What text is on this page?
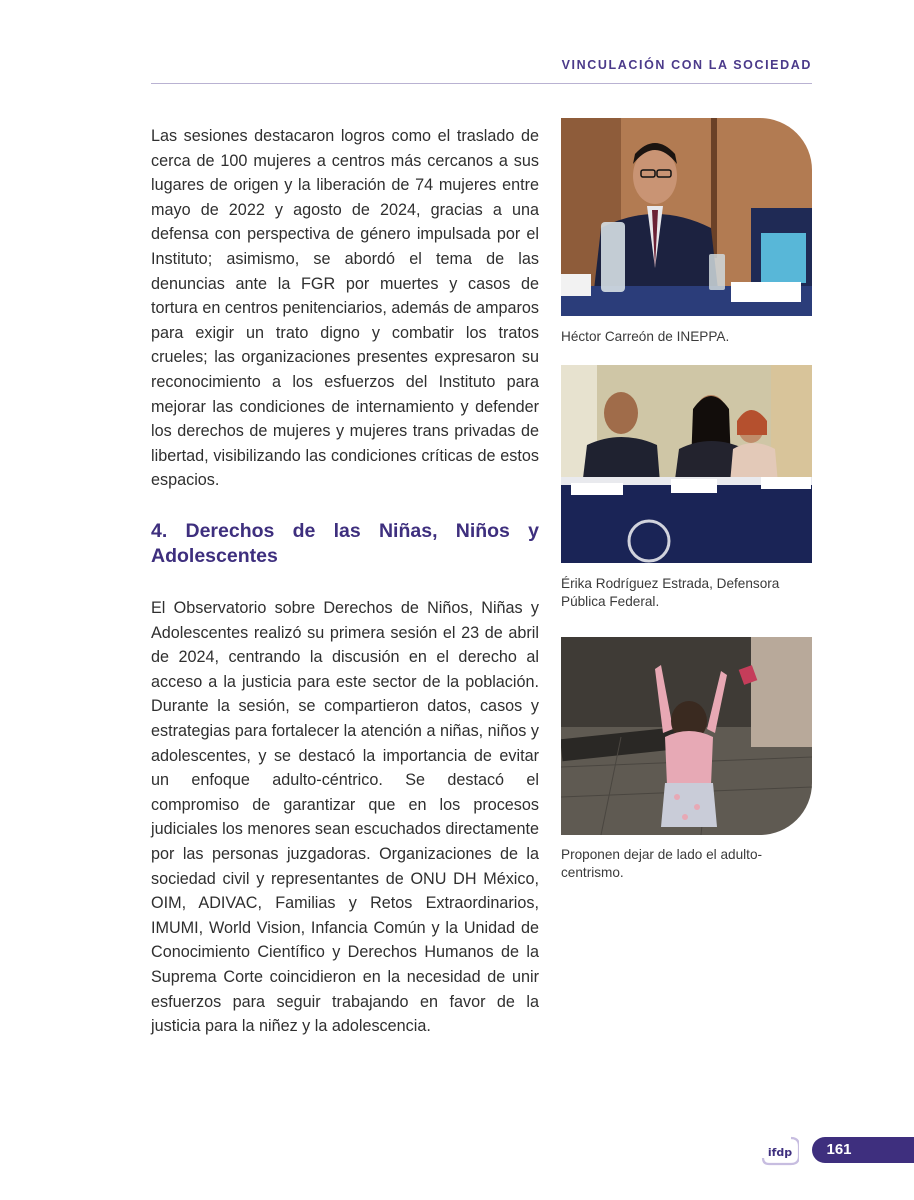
VINCULACIÓN CON LA SOCIEDAD

Las sesiones destacaron logros como el traslado de cerca de 100 mujeres a centros más cercanos a sus lugares de origen y la liberación de 74 mujeres entre mayo de 2022 y agosto de 2024, gracias a una defensa con perspectiva de género impulsada por el Instituto; asimismo, se abordó el tema de las denuncias ante la FGR por muertes y casos de tortura en centros penitenciarios, además de amparos para exigir un trato digno y combatir los tratos crueles; las organizaciones presentes expresaron su reconocimiento a los esfuerzos del Instituto para mejorar las condiciones de internamiento y defender los derechos de mujeres y mujeres trans privadas de libertad, visibilizando las condiciones críticas de estos espacios.

4. Derechos de las Niñas, Niños y Adolescentes

El Observatorio sobre Derechos de Niños, Niñas y Adolescentes realizó su primera sesión el 23 de abril de 2024, centrando la discusión en el derecho al acceso a la justicia para este sector de la población. Durante la sesión, se compartieron datos, casos y estrategias para fortalecer la atención a niñas, niños y adolescentes, y se destacó la importancia de evitar un enfoque adulto-céntrico. Se destacó el compromiso de garantizar que en los procesos judiciales los menores sean escuchados directamente por las personas juzgadoras. Organizaciones de la sociedad civil y representantes de ONU DH México, OIM, ADIVAC, Familias y Retos Extraordinarios, IMUMI, World Vision, Infancia Común y la Unidad de Conocimiento Científico y Derechos Humanos de la Suprema Corte coincidieron en la necesidad de unir esfuerzos para seguir trabajando en favor de la justicia para la niñez y la adolescencia.

Héctor Carreón de INEPPA.
Érika Rodríguez Estrada, Defensora Pública Federal.
Proponen dejar de lado el adulto-centrismo.
ifdp	161
